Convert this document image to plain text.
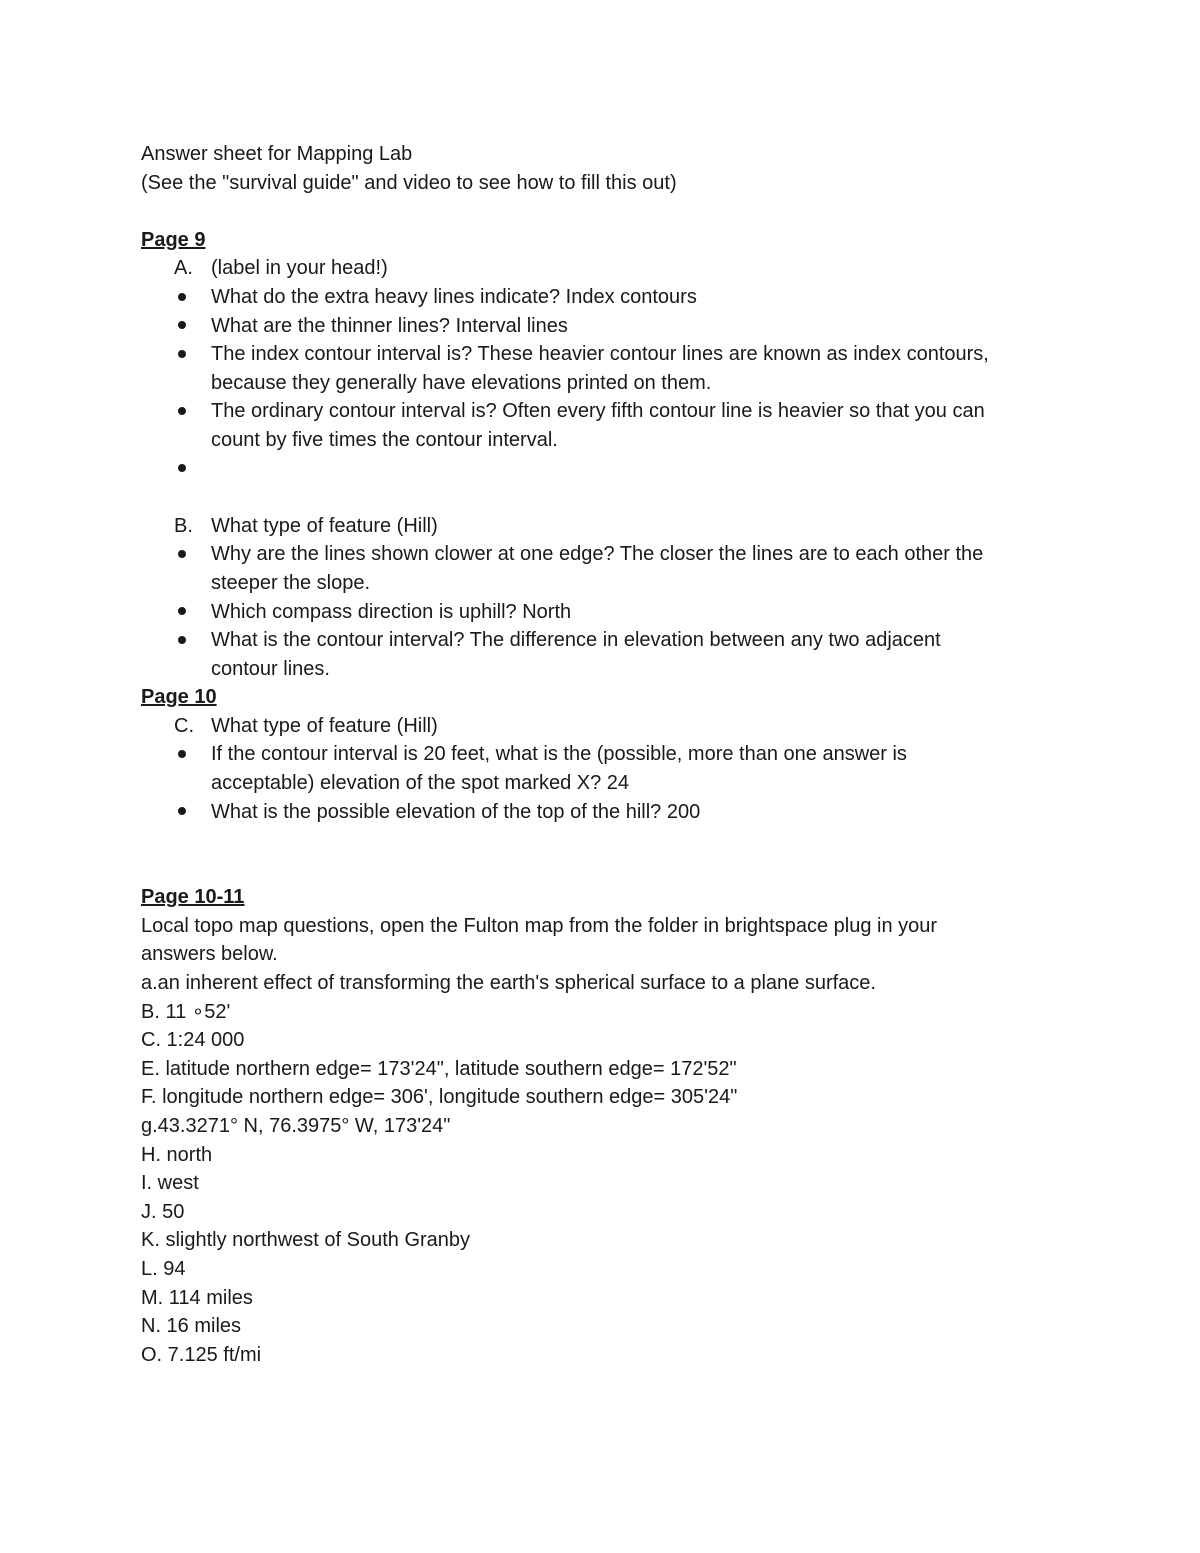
Answer sheet for Mapping Lab

(See the "survival guide" and video to see how to fill this out)

Page 9

A. (label in your head!)
What do the extra heavy lines indicate? Index contours
What are the thinner lines? Interval lines
The index contour interval is? These heavier contour lines are known as index contours,
because they generally have elevations printed on them.
The ordinary contour interval is? Often every fifth contour line is heavier so that you can
count by five times the contour interval.
B. What type of feature (Hill)
Why are the lines shown clower at one edge? The closer the lines are to each other the
steeper the slope.
Which compass direction is uphill? North
What is the contour interval? The difference in elevation between any two adjacent
contour lines.

Page 10

C. What type of feature (Hill)
If the contour interval is 20 feet, what is the (possible, more than one answer is
acceptable) elevation of the spot marked X? 24
What is the possible elevation of the top of the hill? 200

Page 10-11

Local topo map questions, open the Fulton map from the folder in brightspace plug in your

answers below.

a.an inherent effect of transforming the earth's spherical surface to a plane surface.

B. 11 ∘52'

C. 1:24 000

E. latitude northern edge= 173'24", latitude southern edge= 172'52"

F. longitude northern edge= 306', longitude southern edge= 305'24"

g.43.3271° N, 76.3975° W, 173'24"

H. north

I. west

J. 50

K. slightly northwest of South Granby

L. 94

M. 114 miles

N. 16 miles

O. 7.125 ft/mi
